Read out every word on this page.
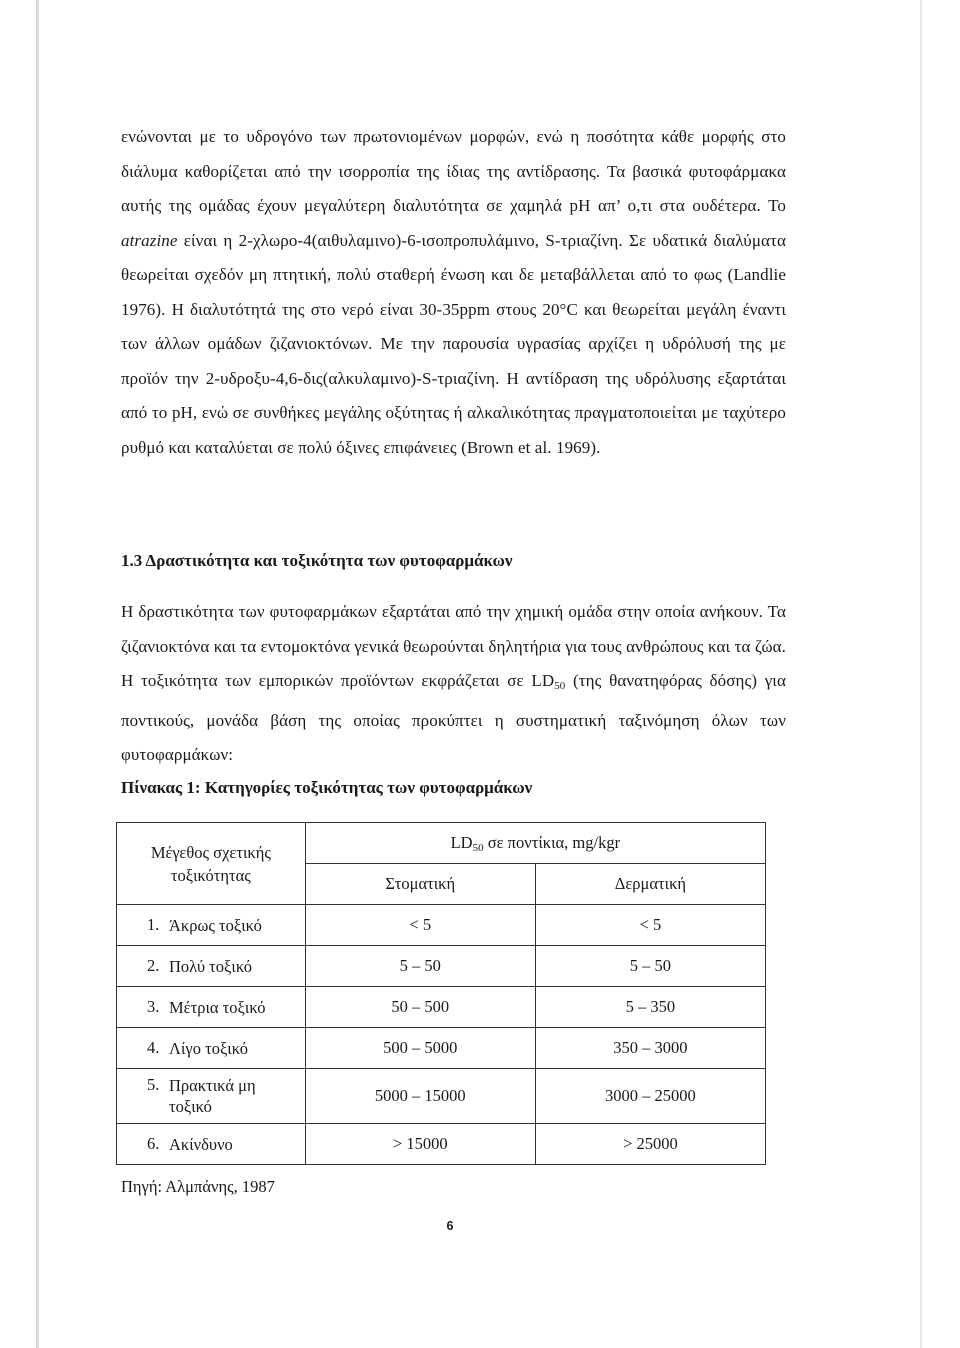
ενώνονται με το υδρογόνο των πρωτονιομένων μορφών, ενώ η ποσότητα κάθε μορφής στο διάλυμα καθορίζεται από την ισορροπία της ίδιας της αντίδρασης. Τα βασικά φυτοφάρμακα αυτής της ομάδας έχουν μεγαλύτερη διαλυτότητα σε χαμηλά pH απ’ ο,τι στα ουδέτερα. Το atrazine είναι η 2-χλωρο-4(αιθυλαμινο)-6-ισοπροπυλάμινο, S-τριαζίνη. Σε υδατικά διαλύματα θεωρείται σχεδόν μη πτητική, πολύ σταθερή ένωση και δε μεταβάλλεται από το φως (Landlie 1976). Η διαλυτότητά της στο νερό είναι 30-35ppm στους 20°C και θεωρείται μεγάλη έναντι των άλλων ομάδων ζιζανιοκτόνων. Με την παρουσία υγρασίας αρχίζει η υδρόλυσή της με προϊόν την 2-υδροξυ-4,6-δις(αλκυλαμινο)-S-τριαζίνη. Η αντίδραση της υδρόλυσης εξαρτάται από το pH, ενώ σε συνθήκες μεγάλης οξύτητας ή αλκαλικότητας πραγματοποιείται με ταχύτερο ρυθμό και καταλύεται σε πολύ όξινες επιφάνειες (Brown et al. 1969).

1.3 Δραστικότητα και τοξικότητα των φυτοφαρμάκων

Η δραστικότητα των φυτοφαρμάκων εξαρτάται από την χημική ομάδα στην οποία ανήκουν. Τα ζιζανιοκτόνα και τα εντομοκτόνα γενικά θεωρούνται δηλητήρια για τους ανθρώπους και τα ζώα. Η τοξικότητα των εμπορικών προϊόντων εκφράζεται σε $LD_{50}$ (της θανατηφόρας δόσης) για ποντικούς, μονάδα βάση της οποίας προκύπτει η συστηματική ταξινόμηση όλων των φυτοφαρμάκων:

Πίνακας 1: Κατηγορίες τοξικότητας των φυτοφαρμάκων
Μέγεθος σχετικής τοξικότητας	$LD_{50}$ σε ποντίκια, mg/kgr	
	Στοματική	Δερματική

1. Άκρως τοξικό	< 5	< 5

2. Πολύ τοξικό	5 – 50	5 – 50

3. Μέτρια τοξικό	50 – 500	5 – 350

4. Λίγο τοξικό	500 – 5000	350 – 3000

5. Πρακτικά μη τοξικό	5000 – 15000	3000 – 25000

6. Ακίνδυνο	> 15000	> 25000
Πηγή: Αλμπάνης, 1987
6
